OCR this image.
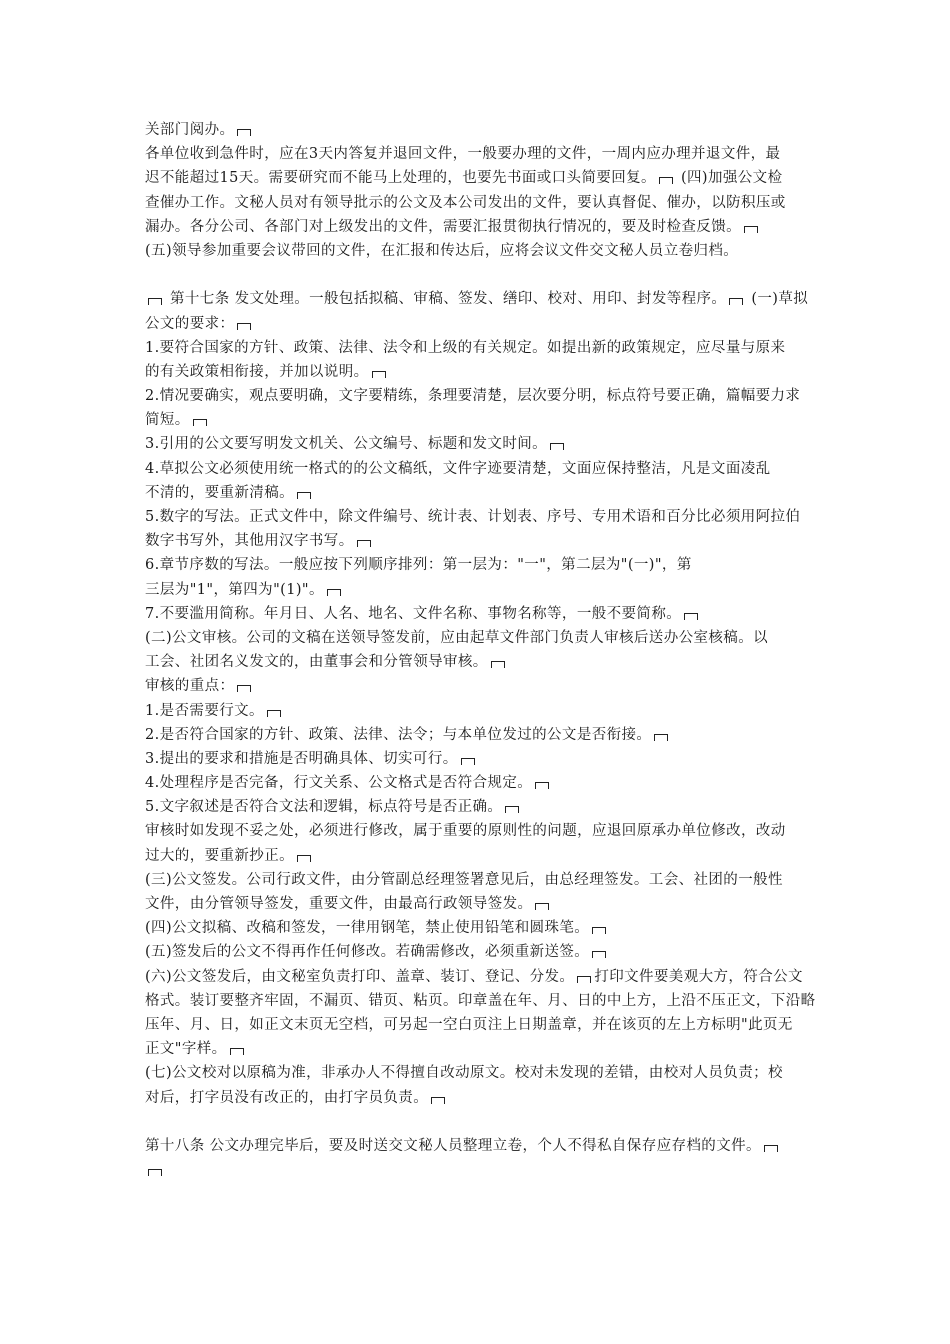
关部门阅办。
各单位收到急件时，应在3天内答复并退回文件，一般要办理的文件，一周内应办理并退文件，最
迟不能超过15天。需要研究而不能马上处理的，也要先书面或口头简要回复。 (四)加强公文检
查催办工作。文秘人员对有领导批示的公文及本公司发出的文件，要认真督促、催办，以防积压或
漏办。各分公司、各部门对上级发出的文件，需要汇报贯彻执行情况的，要及时检查反馈。
(五)领导参加重要会议带回的文件，在汇报和传达后，应将会议文件交文秘人员立卷归档。
第十七条 发文处理。一般包括拟稿、审稿、签发、缮印、校对、用印、封发等程序。 (一)草拟
公文的要求：
1.要符合国家的方针、政策、法律、法令和上级的有关规定。如提出新的政策规定，应尽量与原来
的有关政策相衔接，并加以说明。
2.情况要确实，观点要明确，文字要精练，条理要清楚，层次要分明，标点符号要正确，篇幅要力求
简短。
3.引用的公文要写明发文机关、公文编号、标题和发文时间。
4.草拟公文必须使用统一格式的的公文稿纸，文件字迹要清楚，文面应保持整洁，凡是文面凌乱
不清的，要重新清稿。
5.数字的写法。正式文件中，除文件编号、统计表、计划表、序号、专用术语和百分比必须用阿拉伯
数字书写外，其他用汉字书写。
6.章节序数的写法。一般应按下列顺序排列：第一层为："一"，第二层为"(一)"，第
三层为"1"，第四为"(1)"。
7.不要滥用简称。年月日、人名、地名、文件名称、事物名称等，一般不要简称。
(二)公文审核。公司的文稿在送领导签发前，应由起草文件部门负责人审核后送办公室核稿。以
工会、社团名义发文的，由董事会和分管领导审核。
审核的重点：
1.是否需要行文。
2.是否符合国家的方针、政策、法律、法令；与本单位发过的公文是否衔接。
3.提出的要求和措施是否明确具体、切实可行。
4.处理程序是否完备，行文关系、公文格式是否符合规定。
5.文字叙述是否符合文法和逻辑，标点符号是否正确。
审核时如发现不妥之处，必须进行修改，属于重要的原则性的问题，应退回原承办单位修改，改动
过大的，要重新抄正。
(三)公文签发。公司行政文件，由分管副总经理签署意见后，由总经理签发。工会、社团的一般性
文件，由分管领导签发，重要文件，由最高行政领导签发。
(四)公文拟稿、改稿和签发，一律用钢笔，禁止使用铅笔和圆珠笔。
(五)签发后的公文不得再作任何修改。若确需修改，必须重新送签。
(六)公文签发后，由文秘室负责打印、盖章、装订、登记、分发。 打印文件要美观大方，符合公文
格式。装订要整齐牢固，不漏页、错页、粘页。印章盖在年、月、日的中上方，上沿不压正文，下沿略
压年、月、日，如正文末页无空档，可另起一空白页注上日期盖章，并在该页的左上方标明"此页无
正文"字样。
(七)公文校对以原稿为准，非承办人不得擅自改动原文。校对未发现的差错，由校对人员负责；校
对后，打字员没有改正的，由打字员负责。
第十八条 公文办理完毕后，要及时送交文秘人员整理立卷，个人不得私自保存应存档的文件。
